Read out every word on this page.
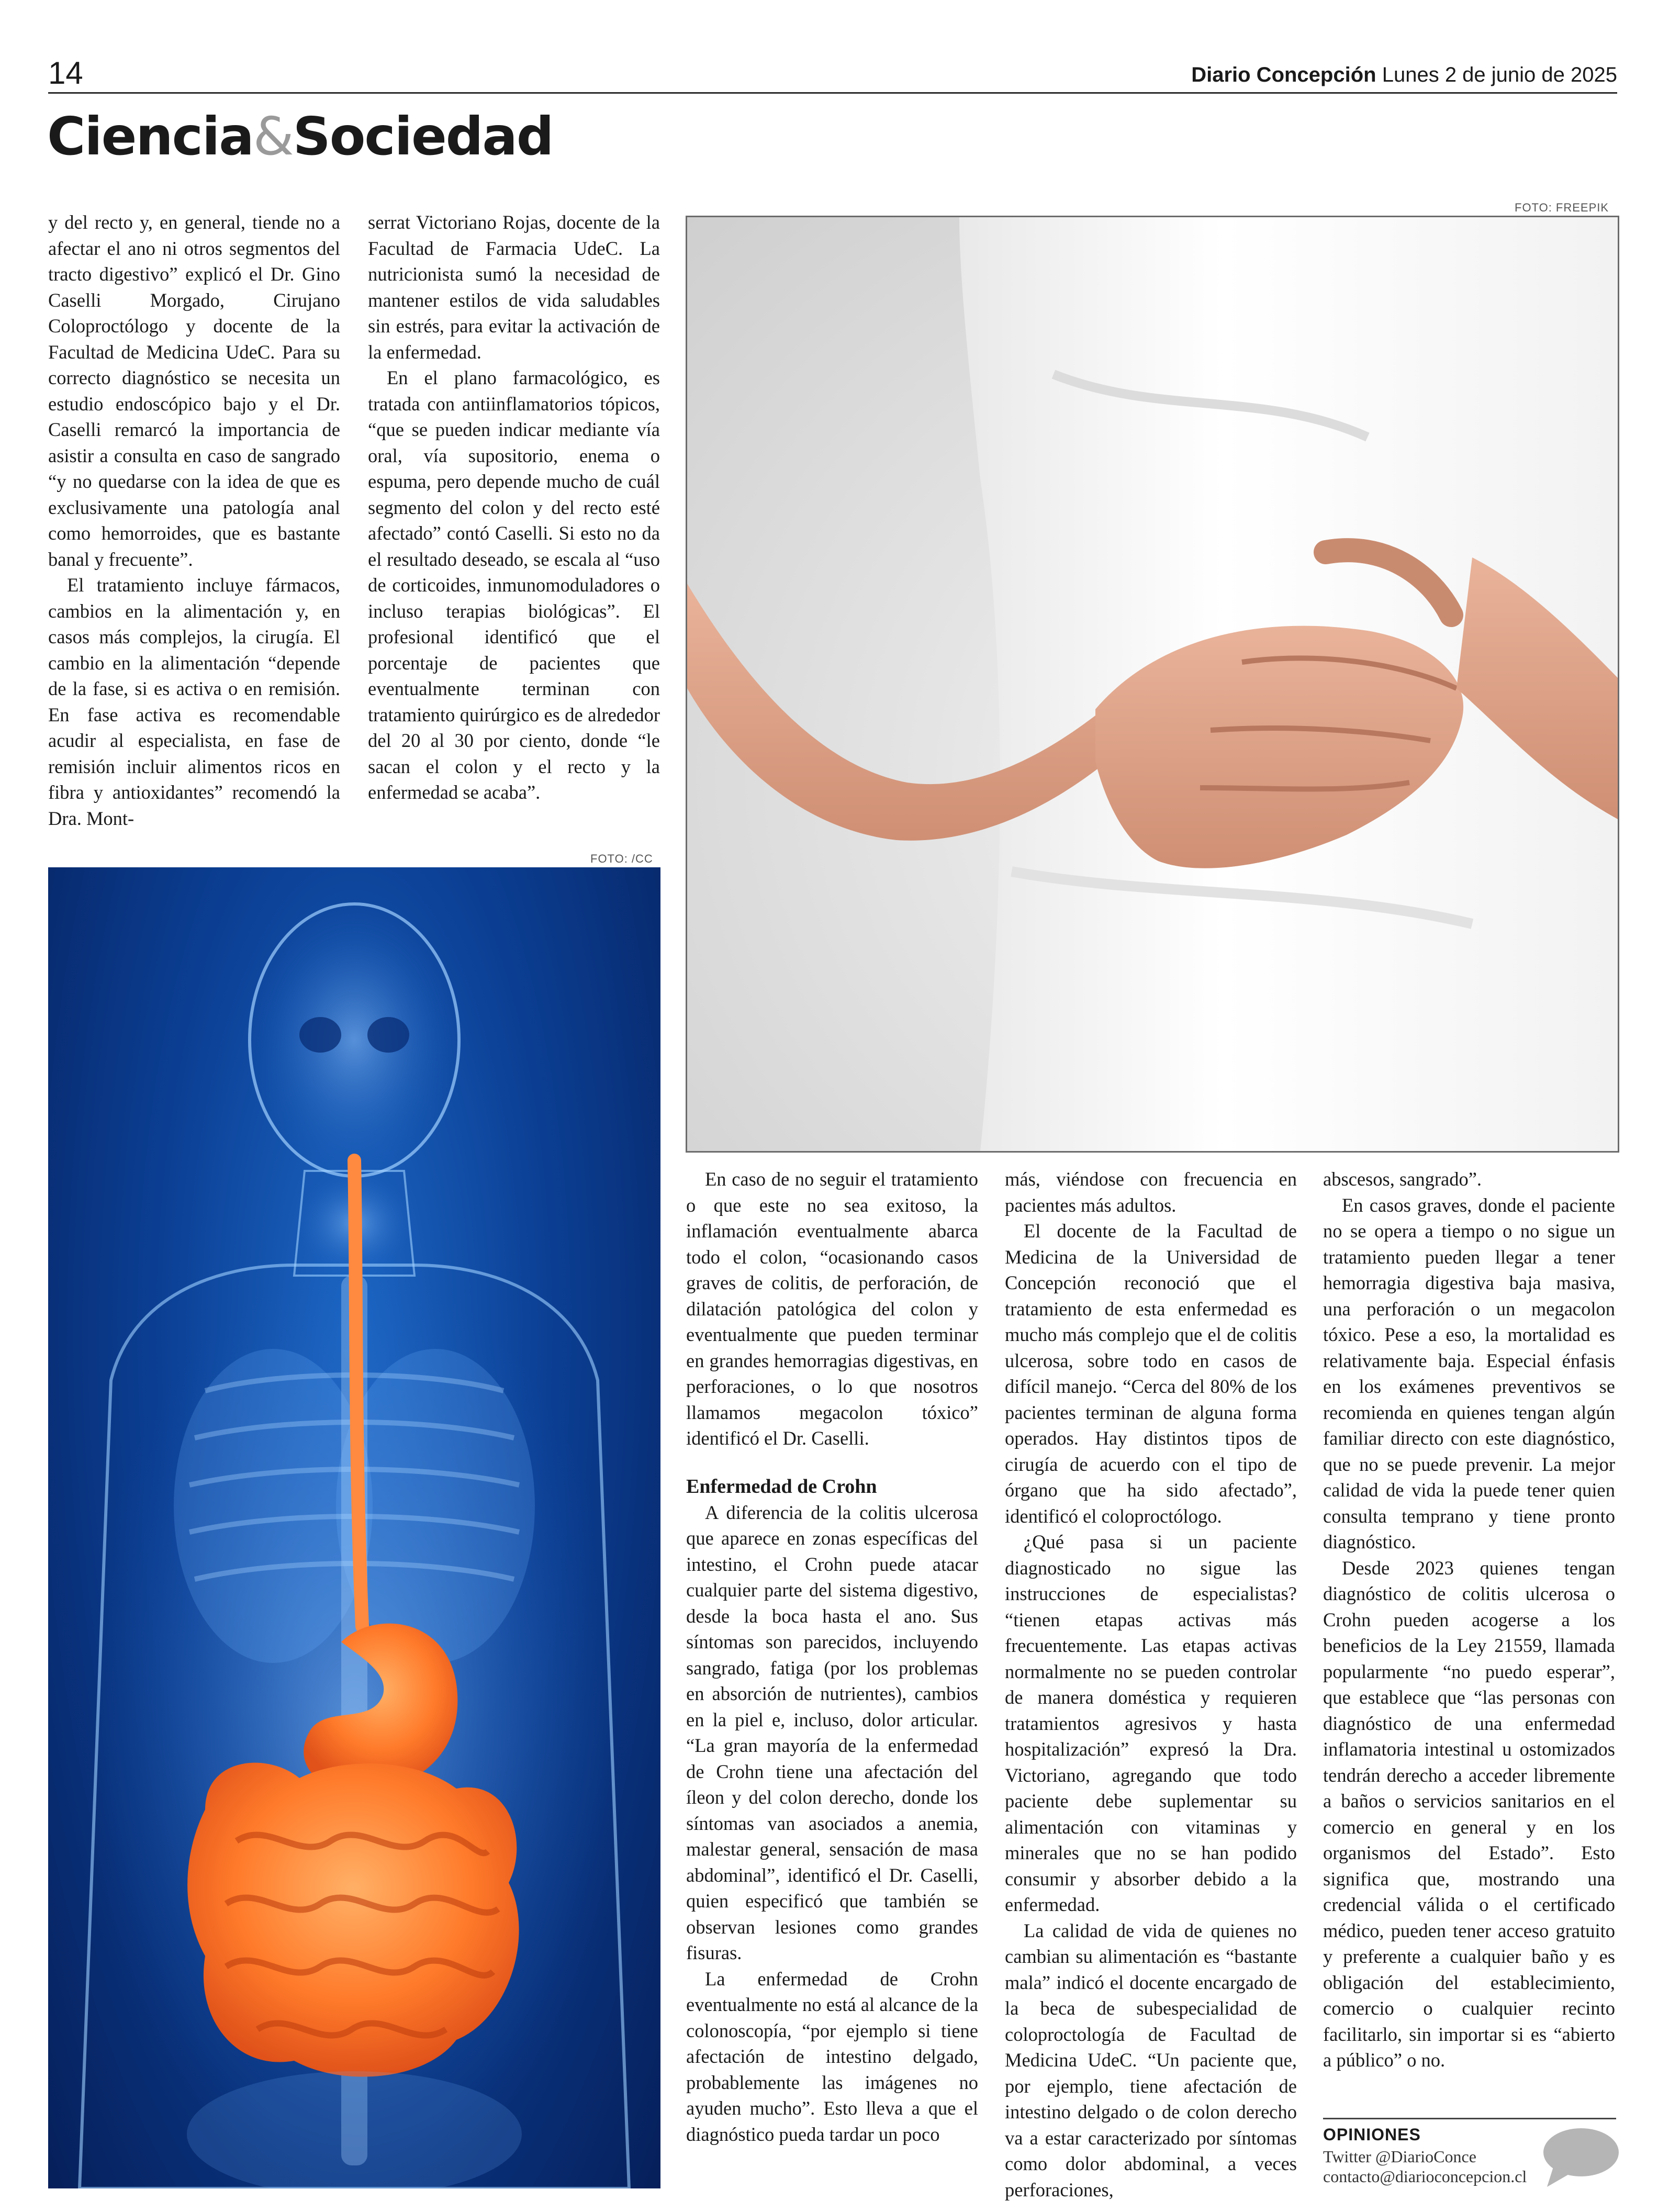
14	Diario Concepción Lunes 2 de junio de 2025
Ciencia&Sociedad

y del recto y, en general, tiende no a afectar el ano ni otros segmentos del tracto digestivo” explicó el Dr. Gino Caselli Morgado, Cirujano Coloproctólogo y docente de la Facultad de Medicina UdeC. Para su correcto diagnóstico se necesita un estudio endoscópico bajo y el Dr. Caselli remarcó la importancia de asistir a consulta en caso de sangrado “y no quedarse con la idea de que es exclusivamente una patología anal como hemorroides, que es bastante banal y frecuente”.

El tratamiento incluye fármacos, cambios en la alimentación y, en casos más complejos, la cirugía. El cambio en la alimentación “depende de la fase, si es activa o en remisión. En fase activa es recomendable acudir al especialista, en fase de remisión incluir alimentos ricos en fibra y antioxidantes” recomendó la Dra. Mont-

serrat Victoriano Rojas, docente de la Facultad de Farmacia UdeC. La nutricionista sumó la necesidad de mantener estilos de vida saludables sin estrés, para evitar la activación de la enfermedad.

En el plano farmacológico, es tratada con antiinflamatorios tópicos, “que se pueden indicar mediante vía oral, vía supositorio, enema o espuma, pero depende mucho de cuál segmento del colon y del recto esté afectado” contó Caselli. Si esto no da el resultado deseado, se escala al “uso de corticoides, inmunomoduladores o incluso terapias biológicas”. El profesional identificó que el porcentaje de pacientes que eventualmente terminan con tratamiento quirúrgico es de alrededor del 20 al 30 por ciento, donde “le sacan el colon y el recto y la enfermedad se acaba”.

FOTO: FREEPIK
FOTO: /CC

En caso de no seguir el tratamiento o que este no sea exitoso, la inflamación eventualmente abarca todo el colon, “ocasionando casos graves de colitis, de perforación, de dilatación patológica del colon y eventualmente que pueden terminar en grandes hemorragias digestivas, en perforaciones, o lo que nosotros llamamos megacolon tóxico” identificó el Dr. Caselli.

Enfermedad de Crohn

A diferencia de la colitis ulcerosa que aparece en zonas específicas del intestino, el Crohn puede atacar cualquier parte del sistema digestivo, desde la boca hasta el ano. Sus síntomas son parecidos, incluyendo sangrado, fatiga (por los problemas en absorción de nutrientes), cambios en la piel e, incluso, dolor articular. “La gran mayoría de la enfermedad de Crohn tiene una afectación del íleon y del colon derecho, donde los síntomas van asociados a anemia, malestar general, sensación de masa abdominal”, identificó el Dr. Caselli, quien especificó que también se observan lesiones como grandes fisuras.

La enfermedad de Crohn eventualmente no está al alcance de la colonoscopía, “por ejemplo si tiene afectación de intestino delgado, probablemente las imágenes no ayuden mucho”. Esto lleva a que el diagnóstico pueda tardar un poco

más, viéndose con frecuencia en pacientes más adultos.

El docente de la Facultad de Medicina de la Universidad de Concepción reconoció que el tratamiento de esta enfermedad es mucho más complejo que el de colitis ulcerosa, sobre todo en casos de difícil manejo. “Cerca del 80% de los pacientes terminan de alguna forma operados. Hay distintos tipos de cirugía de acuerdo con el tipo de órgano que ha sido afectado”, identificó el coloproctólogo.

¿Qué pasa si un paciente diagnosticado no sigue las instrucciones de especialistas? “tienen etapas activas más frecuentemente. Las etapas activas normalmente no se pueden controlar de manera doméstica y requieren tratamientos agresivos y hasta hospitalización” expresó la Dra. Victoriano, agregando que todo paciente debe suplementar su alimentación con vitaminas y minerales que no se han podido consumir y absorber debido a la enfermedad.

La calidad de vida de quienes no cambian su alimentación es “bastante mala” indicó el docente encargado de la beca de subespecialidad de coloproctología de Facultad de Medicina UdeC. “Un paciente que, por ejemplo, tiene afectación de intestino delgado o de colon derecho va a estar caracterizado por síntomas como dolor abdominal, a veces perforaciones,

abscesos, sangrado”.

En casos graves, donde el paciente no se opera a tiempo o no sigue un tratamiento pueden llegar a tener hemorragia digestiva baja masiva, una perforación o un megacolon tóxico. Pese a eso, la mortalidad es relativamente baja. Especial énfasis en los exámenes preventivos se recomienda en quienes tengan algún familiar directo con este diagnóstico, que no se puede prevenir. La mejor calidad de vida la puede tener quien consulta temprano y tiene pronto diagnóstico.

Desde 2023 quienes tengan diagnóstico de colitis ulcerosa o Crohn pueden acogerse a los beneficios de la Ley 21559, llamada popularmente “no puedo esperar”, que establece que “las personas con diagnóstico de una enfermedad inflamatoria intestinal u ostomizados tendrán derecho a acceder libremente a baños o servicios sanitarios en el comercio en general y en los organismos del Estado”. Esto significa que, mostrando una credencial válida o el certificado médico, pueden tener acceso gratuito y preferente a cualquier baño y es obligación del establecimiento, comercio o cualquier recinto facilitarlo, sin importar si es “abierto a público” o no.

OPINIONES
Twitter @DiarioConce
contacto@diarioconcepcion.cl
